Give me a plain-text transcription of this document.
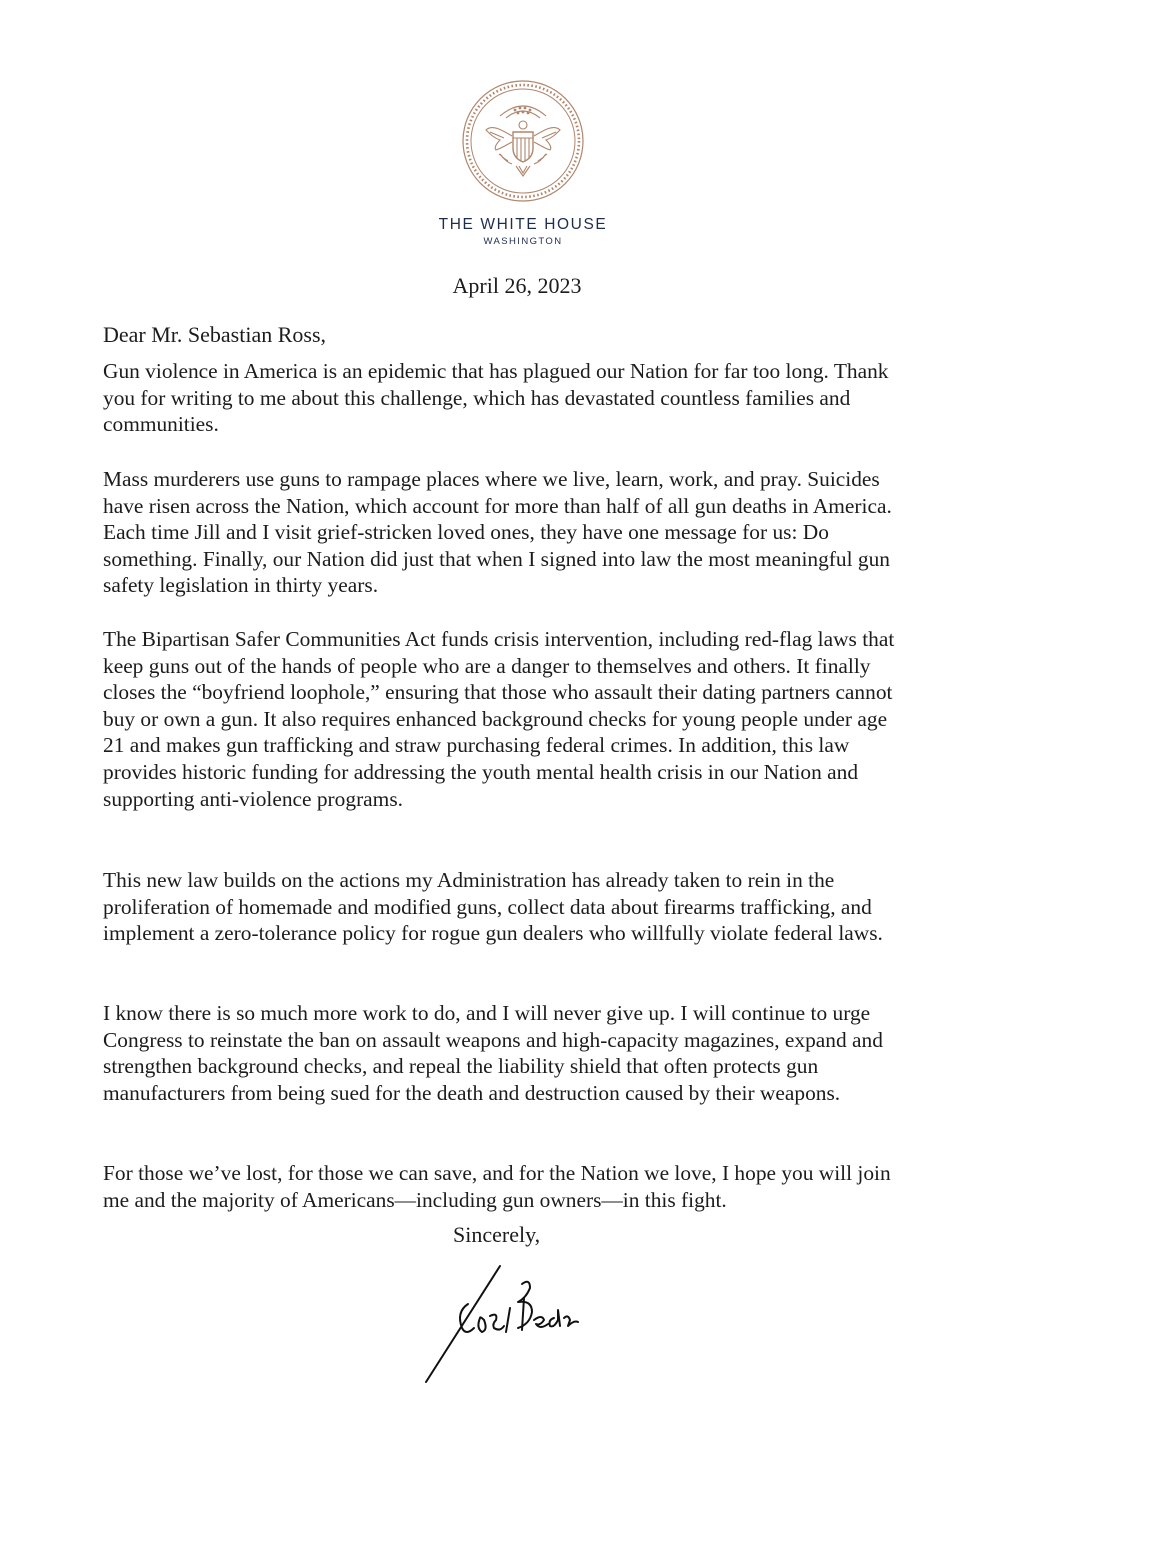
THE WHITE HOUSE
WASHINGTON
April 26, 2023
Dear Mr. Sebastian Ross,

Gun violence in America is an epidemic that has plagued our Nation for far too long. Thank you for writing to me about this challenge, which has devastated countless families and communities.

Mass murderers use guns to rampage places where we live, learn, work, and pray. Suicides have risen across the Nation, which account for more than half of all gun deaths in America. Each time Jill and I visit grief-stricken loved ones, they have one message for us: Do something. Finally, our Nation did just that when I signed into law the most meaningful gun safety legislation in thirty years.

The Bipartisan Safer Communities Act funds crisis intervention, including red-flag laws that keep guns out of the hands of people who are a danger to themselves and others. It finally closes the “boyfriend loophole,” ensuring that those who assault their dating partners cannot buy or own a gun. It also requires enhanced background checks for young people under age 21 and makes gun trafficking and straw purchasing federal crimes. In addition, this law provides historic funding for addressing the youth mental health crisis in our Nation and supporting anti-violence programs.

This new law builds on the actions my Administration has already taken to rein in the proliferation of homemade and modified guns, collect data about firearms trafficking, and implement a zero-tolerance policy for rogue gun dealers who willfully violate federal laws.

I know there is so much more work to do, and I will never give up. I will continue to urge Congress to reinstate the ban on assault weapons and high-capacity magazines, expand and strengthen background checks, and repeal the liability shield that often protects gun manufacturers from being sued for the death and destruction caused by their weapons.

For those we’ve lost, for those we can save, and for the Nation we love, I hope you will join me and the majority of Americans—including gun owners—in this fight.

Sincerely,
